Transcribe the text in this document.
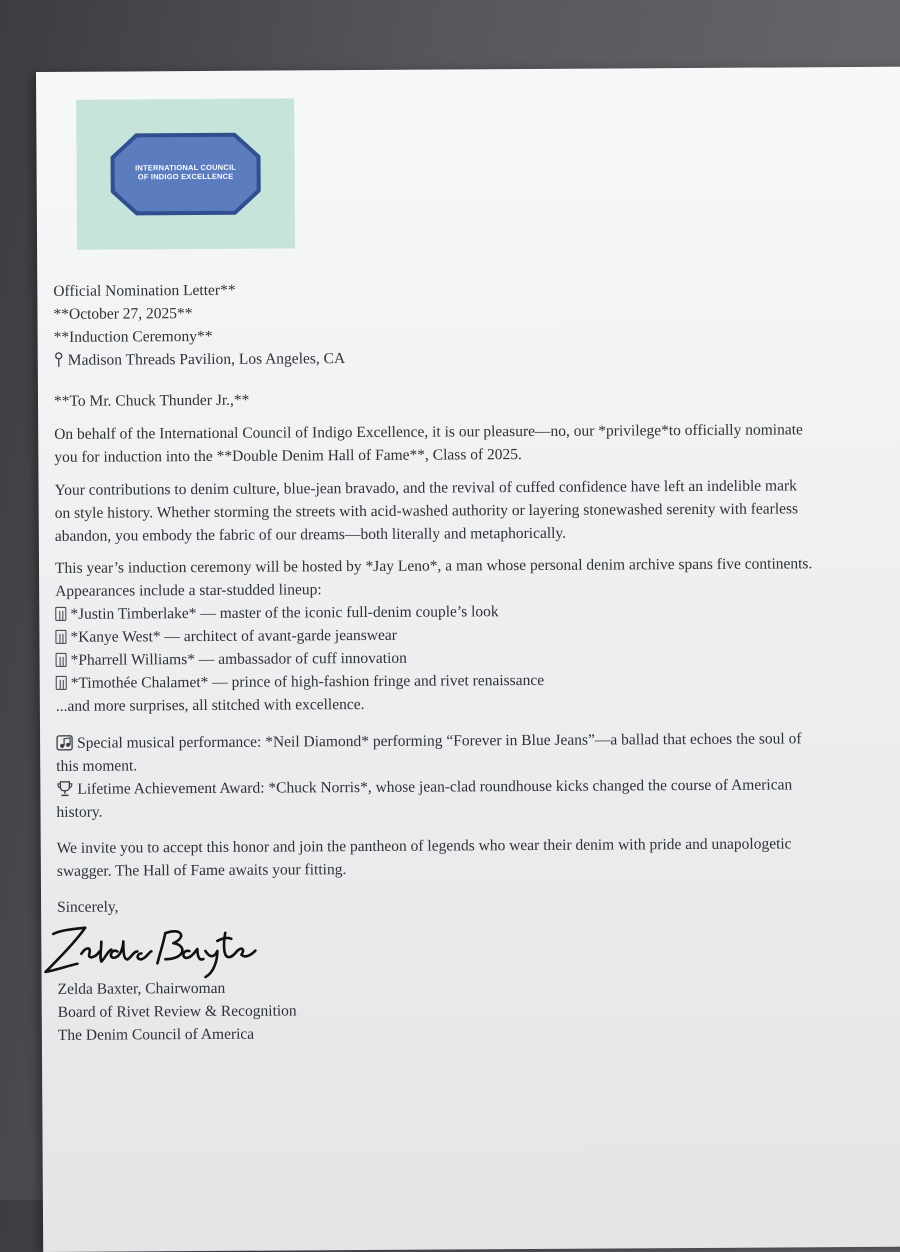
INTERNATIONAL COUNCIL
OF INDIGO EXCELLENCE
Official Nomination Letter**
**October 27, 2025**
**Induction Ceremony**
Madison Threads Pavilion, Los Angeles, CA
**To Mr. Chuck Thunder Jr.,**
On behalf of the International Council of Indigo Excellence, it is our pleasure—no, our *privilege*to officially nominate
you for induction into the **Double Denim Hall of Fame**, Class of 2025.
Your contributions to denim culture, blue-jean bravado, and the revival of cuffed confidence have left an indelible mark
on style history. Whether storming the streets with acid-washed authority or layering stonewashed serenity with fearless
abandon, you embody the fabric of our dreams—both literally and metaphorically.
This year’s induction ceremony will be hosted by *Jay Leno*, a man whose personal denim archive spans five continents.
Appearances include a star-studded lineup:
*Justin Timberlake* — master of the iconic full-denim couple’s look
*Kanye West* — architect of avant-garde jeanswear
*Pharrell Williams* — ambassador of cuff innovation
*Timothée Chalamet* — prince of high-fashion fringe and rivet renaissance
...and more surprises, all stitched with excellence.
Special musical performance: *Neil Diamond* performing “Forever in Blue Jeans”—a ballad that echoes the soul of
this moment.
Lifetime Achievement Award: *Chuck Norris*, whose jean-clad roundhouse kicks changed the course of American
history.
We invite you to accept this honor and join the pantheon of legends who wear their denim with pride and unapologetic
swagger. The Hall of Fame awaits your fitting.
Sincerely,
Zelda Baxter, Chairwoman
Board of Rivet Review & Recognition
The Denim Council of America
